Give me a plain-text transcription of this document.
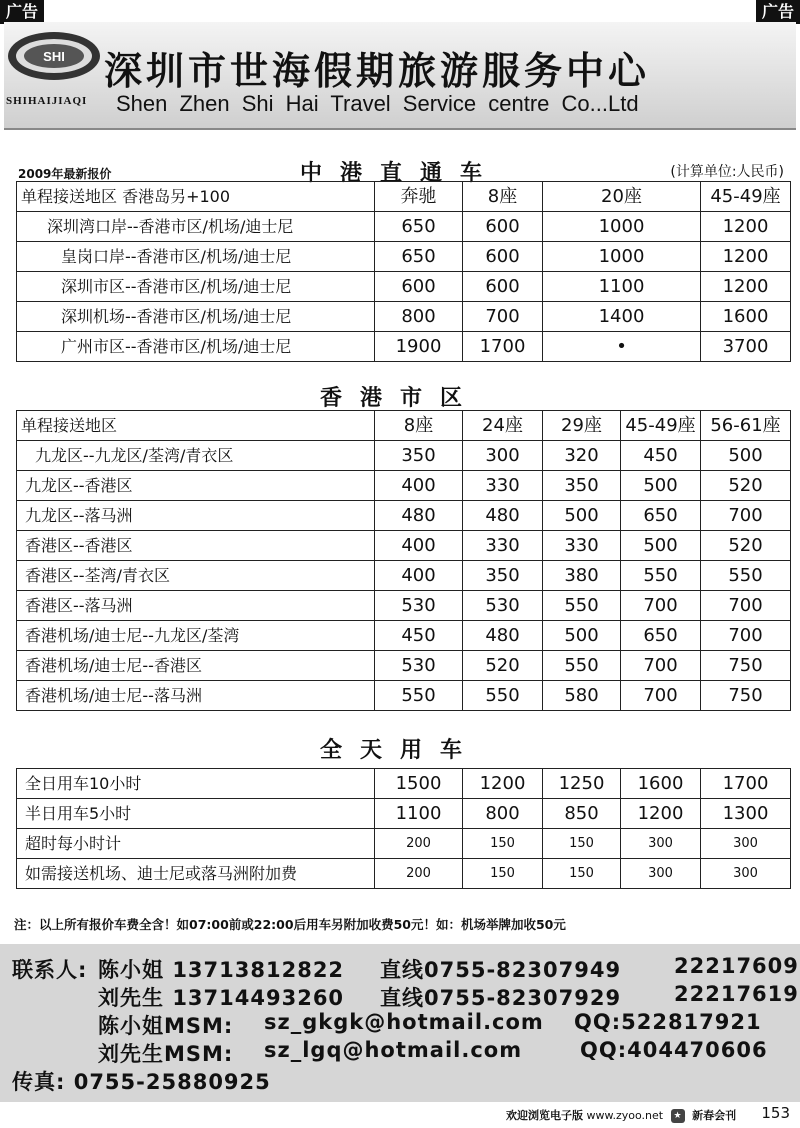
广告	广告
SHI
SHIHAIJIAQI
深圳市世海假期旅游服务中心
Shen Zhen Shi Hai Travel Service centre Co...Ltd
2009年最新报价	中港直通车	(计算单位:人民币)
单程接送地区 香港岛另+100	奔驰	8座	20座	45-49座
深圳湾口岸--香港市区/机场/迪士尼	650	600	1000	1200
皇岗口岸--香港市区/机场/迪士尼	650	600	1000	1200
深圳市区--香港市区/机场/迪士尼	600	600	1100	1200
深圳机场--香港市区/机场/迪士尼	800	700	1400	1600
广州市区--香港市区/机场/迪士尼	1900	1700	•	3700
香港市区
单程接送地区	8座	24座	29座	45-49座	56-61座
九龙区--九龙区/荃湾/青衣区	350	300	320	450	500
九龙区--香港区	400	330	350	500	520
九龙区--落马洲	480	480	500	650	700
香港区--香港区	400	330	330	500	520
香港区--荃湾/青衣区	400	350	380	550	550
香港区--落马洲	530	530	550	700	700
香港机场/迪士尼--九龙区/荃湾	450	480	500	650	700
香港机场/迪士尼--香港区	530	520	550	700	750
香港机场/迪士尼--落马洲	550	550	580	700	750
全天用车
全日用车10小时	1500	1200	1250	1600	1700
半日用车5小时	1100	800	850	1200	1300
超时每小时计	200	150	150	300	300
如需接送机场、迪士尼或落马洲附加费	200	150	150	300	300
注：以上所有报价车费全含！如07:00前或22:00后用车另附加收费50元！如：机场举牌加收50元
联系人: 陈小姐 13713812822 直线0755-82307949	22217609
刘先生 13714493260 直线0755-82307929	22217619
陈小姐MSM: sz_gkgk@hotmail.com QQ:522817921
刘先生MSM: sz_lgq@hotmail.com	QQ:404470606
传真: 0755-25880925
欢迎浏览电子版 www.zyoo.net ★ 新春会刊 153
